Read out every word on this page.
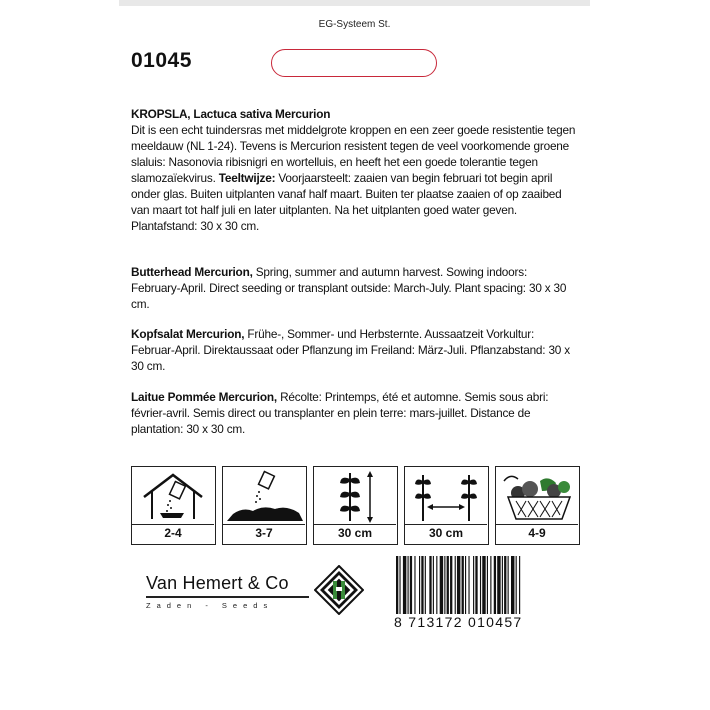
EG-Systeem St.
01045
KROPSLA, Lactuca sativa Mercurion
Dit is een echt tuindersras met middelgrote kroppen en een zeer goede resistentie tegen meeldauw (NL 1-24). Tevens is Mercurion resistent tegen de veel voorkomende groene slaluis: Nasonovia ribisnigri en wortelluis, en heeft het een goede tolerantie tegen slamozaïekvirus. Teeltwijze: Voorjaarsteelt: zaaien van begin februari tot begin april onder glas. Buiten uitplanten vanaf half maart. Buiten ter plaatse zaaien of op zaaibed van maart tot half juli en later uitplanten. Na het uitplanten goed water geven. Plantafstand: 30 x 30 cm.
Butterhead Mercurion, Spring, summer and autumn harvest. Sowing indoors: February-April. Direct seeding or transplant outside: March-July. Plant spacing: 30 x 30 cm.
Kopfsalat Mercurion, Frühe-, Sommer- und Herbsternte. Aussaatzeit Vorkultur: Februar-April. Direktaussaat oder Pflanzung im Freiland: März-Juli. Pflanzabstand: 30 x 30 cm.
Laitue Pommée Mercurion, Récolte: Printemps, été et automne. Semis sous abri: février-avril. Semis direct ou transplanter en plein terre: mars-juillet. Distance de plantation: 30 x 30 cm.
2-4	3-7	30 cm	30 cm	4-9
Van Hemert & Co
Zaden - Seeds
8 713172 010457
